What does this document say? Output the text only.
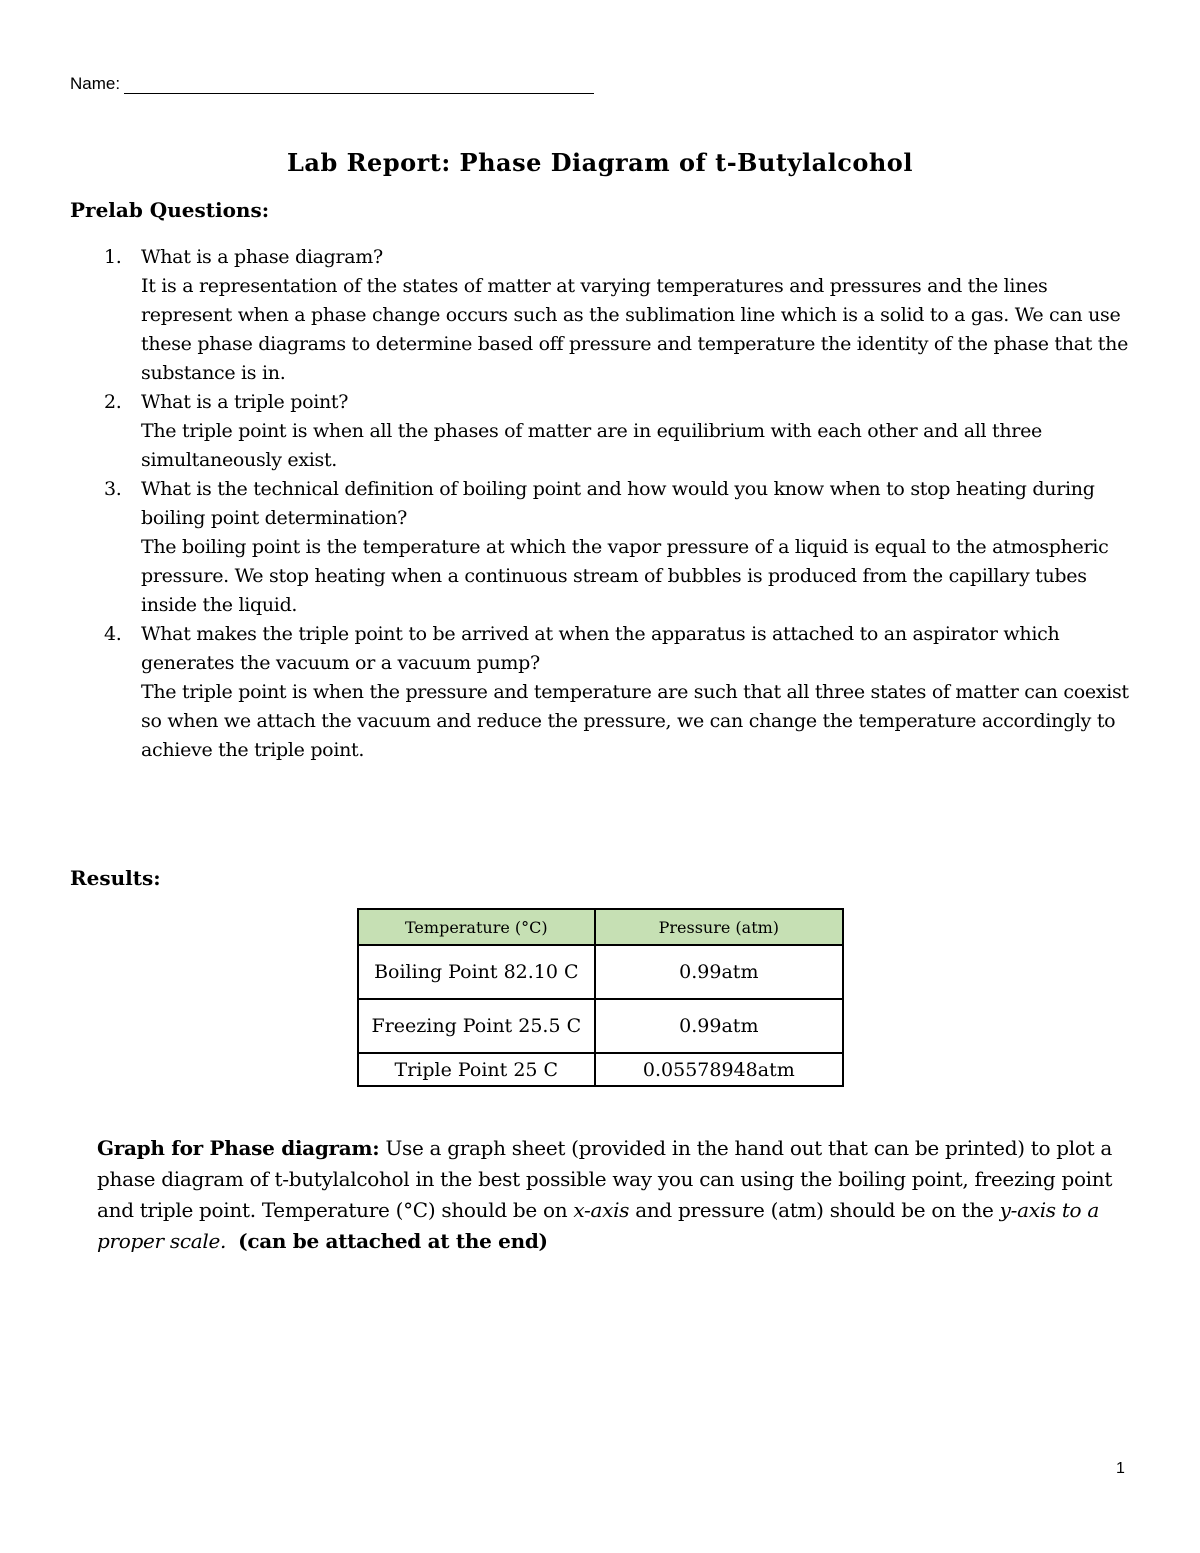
Name:
Lab Report: Phase Diagram of t-Butylalcohol
Prelab Questions:
1. What is a phase diagram?
It is a representation of the states of matter at varying temperatures and pressures and the lines represent when a phase change occurs such as the sublimation line which is a solid to a gas. We can use these phase diagrams to determine based off pressure and temperature the identity of the phase that the substance is in.
2. What is a triple point?
The triple point is when all the phases of matter are in equilibrium with each other and all three simultaneously exist.
3. What is the technical definition of boiling point and how would you know when to stop heating during boiling point determination?
The boiling point is the temperature at which the vapor pressure of a liquid is equal to the atmospheric pressure. We stop heating when a continuous stream of bubbles is produced from the capillary tubes inside the liquid.
4. What makes the triple point to be arrived at when the apparatus is attached to an aspirator which generates the vacuum or a vacuum pump?
The triple point is when the pressure and temperature are such that all three states of matter can coexist so when we attach the vacuum and reduce the pressure, we can change the temperature accordingly to achieve the triple point.
Results:
Temperature (°C)	Pressure (atm)
Boiling Point 82.10 C	0.99atm
Freezing Point 25.5 C	0.99atm
Triple Point 25 C	0.05578948atm

Graph for Phase diagram: Use a graph sheet (provided in the hand out that can be printed) to plot a phase diagram of t-butylalcohol in the best possible way you can using the boiling point, freezing point and triple point. Temperature (°C) should be on x-axis and pressure (atm) should be on the y-axis to a proper scale. (can be attached at the end)

1
